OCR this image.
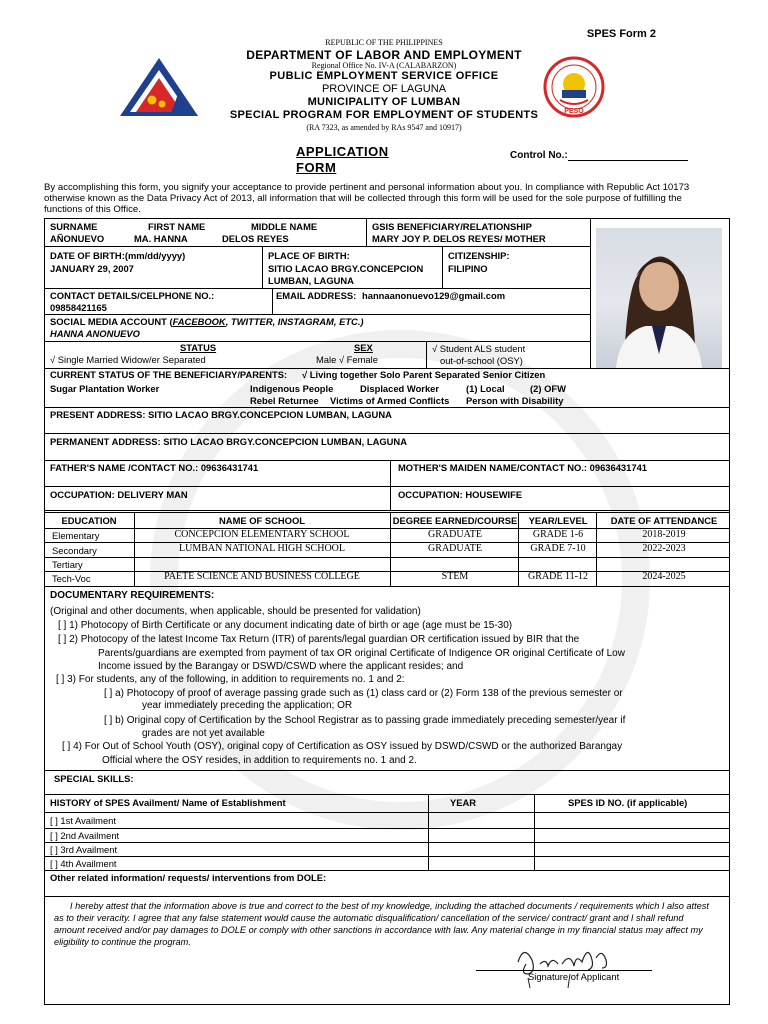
SPES Form 2
REPUBLIC OF THE PHILIPPINES
DEPARTMENT OF LABOR AND EMPLOYMENT
Regional Office No. IV-A (CALABARZON)
PUBLIC EMPLOYMENT SERVICE OFFICE
PROVINCE OF LAGUNA
MUNICIPALITY OF LUMBAN
SPECIAL PROGRAM FOR EMPLOYMENT OF STUDENTS
(RA 7323, as amended by RAs 9547 and 10917)
PESO
APPLICATION
FORM
Control No.:
By accomplishing this form, you signify your acceptance to provide pertinent and personal information about you. In compliance with Republic Act 10173 otherwise known as the Data Privacy Act of 2013, all information that will be collected through this form will be used for the sole purpose of fulfilling the functions of this Office.
SURNAME	FIRST NAME	MIDDLE NAME	GSIS BENEFICIARY/RELATIONSHIP
AÑONUEVO	MA. HANNA	DELOS REYES	MARY JOY P. DELOS REYES/ MOTHER
DATE OF BIRTH:(mm/dd/yyyy)
JANUARY 29, 2007
PLACE OF BIRTH:
SITIO LACAO BRGY.CONCEPCION
LUMBAN, LAGUNA
CITIZENSHIP:
FILIPINO
CONTACT DETAILS/CELPHONE NO.:
09858421165
EMAIL ADDRESS: hannaanonuevo129@gmail.com
SOCIAL MEDIA ACCOUNT (FACEBOOK, TWITTER, INSTAGRAM, ETC.)
HANNA ANONUEVO
STATUS
√ Single Married Widow/er Separated
SEX
Male √ Female
√ Student ALS student
out-of-school (OSY)
CURRENT STATUS OF THE BENEFICIARY/PARENTS: √ Living together Solo Parent Separated Senior Citizen
Sugar Plantation Worker	Indigenous People	Displaced Worker	(1) Local	(2) OFW
Rebel Returnee Victims of Armed Conflicts Person with Disability
PRESENT ADDRESS: SITIO LACAO BRGY.CONCEPCION LUMBAN, LAGUNA
PERMANENT ADDRESS: SITIO LACAO BRGY.CONCEPCION LUMBAN, LAGUNA
FATHER'S NAME /CONTACT NO.: 09636431741	MOTHER'S MAIDEN NAME/CONTACT NO.: 09636431741
OCCUPATION: DELIVERY MAN	OCCUPATION: HOUSEWIFE
EDUCATION	NAME OF SCHOOL	DEGREE EARNED/COURSE	YEAR/LEVEL	DATE OF ATTENDANCE
Elementary	CONCEPCION ELEMENTARY SCHOOL	GRADUATE	GRADE 1-6	2018-2019
Secondary	LUMBAN NATIONAL HIGH SCHOOL	GRADUATE	GRADE 7-10	2022-2023
Tertiary
Tech-Voc	PAETE SCIENCE AND BUSINESS COLLEGE	STEM	GRADE 11-12	2024-2025
DOCUMENTARY REQUIREMENTS:
(Original and other documents, when applicable, should be presented for validation)
[ ] 1) Photocopy of Birth Certificate or any document indicating date of birth or age (age must be 15-30)
[ ] 2) Photocopy of the latest Income Tax Return (ITR) of parents/legal guardian OR certification issued by BIR that the
Parents/guardians are exempted from payment of tax OR original Certificate of Indigence OR original Certificate of Low
Income issued by the Barangay or DSWD/CSWD where the applicant resides; and
[ ] 3) For students, any of the following, in addition to requirements no. 1 and 2:
[ ] a) Photocopy of proof of average passing grade such as (1) class card or (2) Form 138 of the previous semester or
year immediately preceding the application; OR
[ ] b) Original copy of Certification by the School Registrar as to passing grade immediately preceding semester/year if
grades are not yet available
[ ] 4) For Out of School Youth (OSY), original copy of Certification as OSY issued by DSWD/CSWD or the authorized Barangay
Official where the OSY resides, in addition to requirements no. 1 and 2.
SPECIAL SKILLS:
HISTORY of SPES Availment/ Name of Establishment	YEAR	SPES ID NO. (if applicable)
[ ] 1st Availment
[ ] 2nd Availment
[ ] 3rd Availment
[ ] 4th Availment
Other related information/ requests/ interventions from DOLE:
I hereby attest that the information above is true and correct to the best of my knowledge, including the attached documents / requirements which I also attest as to their veracity. I agree that any false statement would cause the automatic disqualification/ cancellation of the service/ contract/ grant and I shall refund amount received and/or pay damages to DOLE or comply with other sanctions in accordance with law. Any material change in my financial status may affect my eligibility to continue the program.
Signature of Applicant
